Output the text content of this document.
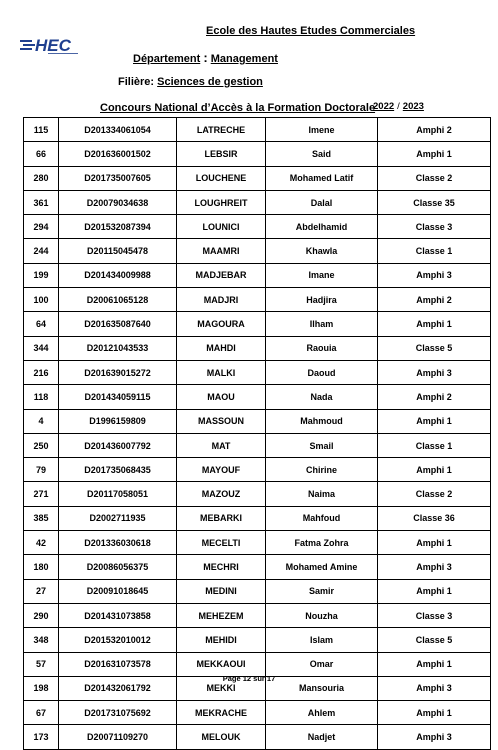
HEC
Ecole des Hautes Etudes Commerciales
Département : Management
Filière: Sciences de gestion
Concours National d’Accès à la Formation Doctorale
2022 / 2023
115	D201334061054	LATRECHE	Imene	Amphi 2
66	D201636001502	LEBSIR	Said	Amphi 1
280	D201735007605	LOUCHENE	Mohamed Latif	Classe 2
361	D20079034638	LOUGHREIT	Dalal	Classe 35
294	D201532087394	LOUNICI	Abdelhamid	Classe 3
244	D20115045478	MAAMRI	Khawla	Classe 1
199	D201434009988	MADJEBAR	Imane	Amphi 3
100	D20061065128	MADJRI	Hadjira	Amphi 2
64	D201635087640	MAGOURA	Ilham	Amphi 1
344	D20121043533	MAHDI	Raouia	Classe 5
216	D201639015272	MALKI	Daoud	Amphi 3
118	D201434059115	MAOU	Nada	Amphi 2
4	D1996159809	MASSOUN	Mahmoud	Amphi 1
250	D201436007792	MAT	Smail	Classe 1
79	D201735068435	MAYOUF	Chirine	Amphi 1
271	D20117058051	MAZOUZ	Naima	Classe 2
385	D2002711935	MEBARKI	Mahfoud	Classe 36
42	D201336030618	MECELTI	Fatma Zohra	Amphi 1
180	D20086056375	MECHRI	Mohamed Amine	Amphi 3
27	D20091018645	MEDINI	Samir	Amphi 1
290	D201431073858	MEHEZEM	Nouzha	Classe 3
348	D201532010012	MEHIDI	Islam	Classe 5
57	D201631073578	MEKKAOUI	Omar	Amphi 1
198	D201432061792	MEKKI	Mansouria	Amphi 3
67	D201731075692	MEKRACHE	Ahlem	Amphi 1
173	D20071109270	MELOUK	Nadjet	Amphi 3
Page 12 sur 17
